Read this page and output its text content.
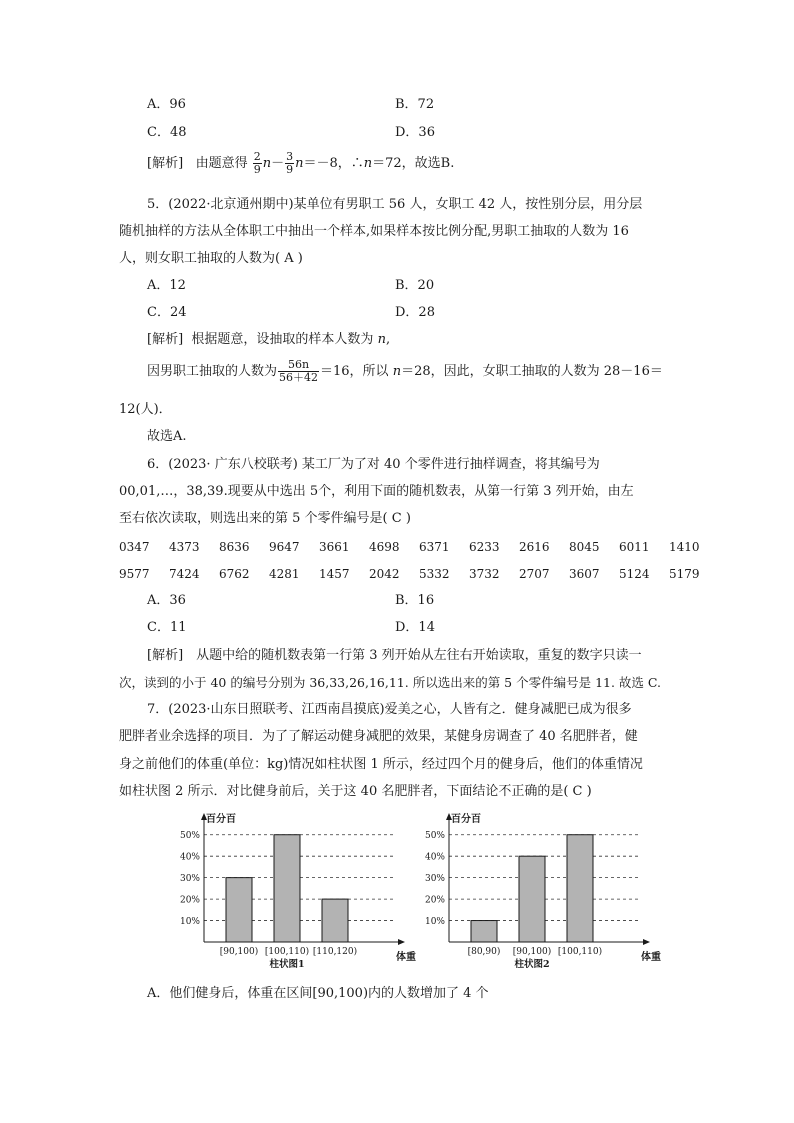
A．96	B．72
C．48	D．36
[解析] 由题意得 $\frac{2}{9} n- \frac{3}{9} n=-8$，∴n＝72，故选B.
5．(2022·北京通州期中)某单位有男职工 56 人，女职工 42 人，按性别分层，用分层
随机抽样的方法从全体职工中抽出一个样本,如果样本按比例分配,男职工抽取的人数为 16
人，则女职工抽取的人数为( A )
A．12	B．20
C．24	D．28
[解析] 根据题意，设抽取的样本人数为 n,
因男职工抽取的人数为 $\frac{56n}{56+42} =16$，所以 n＝28，因此，女职工抽取的人数为 28－16＝
12(人)．
故选A.
6．(2023· 广东八校联考) 某工厂为了对 40 个零件进行抽样调查，将其编号为
00,01,…，38,39.现要从中选出 5个，利用下面的随机数表，从第一行第 3 列开始，由左
至右依次读取，则选出来的第 5 个零件编号是( C )
0347 4373 8636 9647 3661 4698 6371 6233 2616 8045 6011 1410
9577 7424 6762 4281 1457 2042 5332 3732 2707 3607 5124 5179
A．36	B．16
C．11	D．14
[解析]　从题中给的随机数表第一行第 3 列开始从左往右开始读取，重复的数字只读一
次，读到的小于 40 的编号分别为 36,33,26,16,11. 所以选出来的第 5 个零件编号是 11. 故选 C.
7．(2023·山东日照联考、江西南昌摸底)爱美之心，人皆有之．健身减肥已成为很多
肥胖者业余选择的项目．为了了解运动健身减肥的效果，某健身房调查了 40 名肥胖者，健
身之前他们的体重(单位：kg)情况如柱状图 1 所示，经过四个月的健身后，他们的体重情况
如柱状图 2 所示．对比健身前后，关于这 40 名肥胖者，下面结论不正确的是( C )
10%
20%
30%
40%
50%
百分百
体重
[90,100) [100,110) [110,120)
柱状图1
10%
20%
30%
40%
50%
百分百
体重
[80,90) [90,100) [100,110)
柱状图2
A．他们健身后，体重在区间[90,100)内的人数增加了 4 个
